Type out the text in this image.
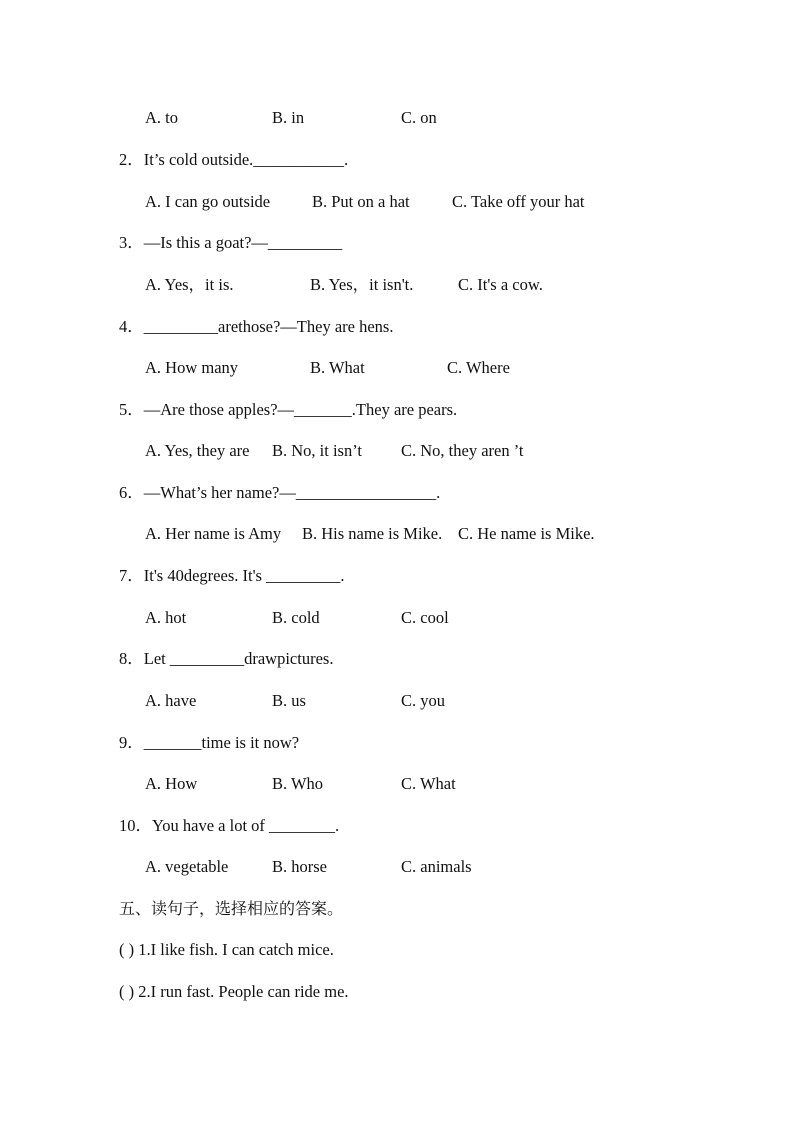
A. to	B. in	C. on
2．It’s cold outside.___________.
A. I can go outside	B. Put on a hat	C. Take off your hat
3．—Is this a goat?—_________
A. Yes，it is.	B. Yes，it isn't.	C. It's a cow.
4．_________arethose?—They are hens.
A. How many	B. What	C. Where
5．—Are those apples?—_______.They are pears.
A. Yes, they are B. No, it isn’t C. No, they aren ’t
6．—What’s her name?—_________________.
A. Her name is Amy B. His name is Mike. C. He name is Mike.
7．It's 40degrees. It's _________.
A. hot	B. cold	C. cool
8．Let _________drawpictures.
A. have	B. us	C. you
9．_______time is it now?
A. How	B. Who	C. What
10．You have a lot of ________.
A. vegetable	B. horse	C. animals
五、读句子，选择相应的答案。
( ) 1.I like fish. I can catch mice.
( ) 2.I run fast. People can ride me.
